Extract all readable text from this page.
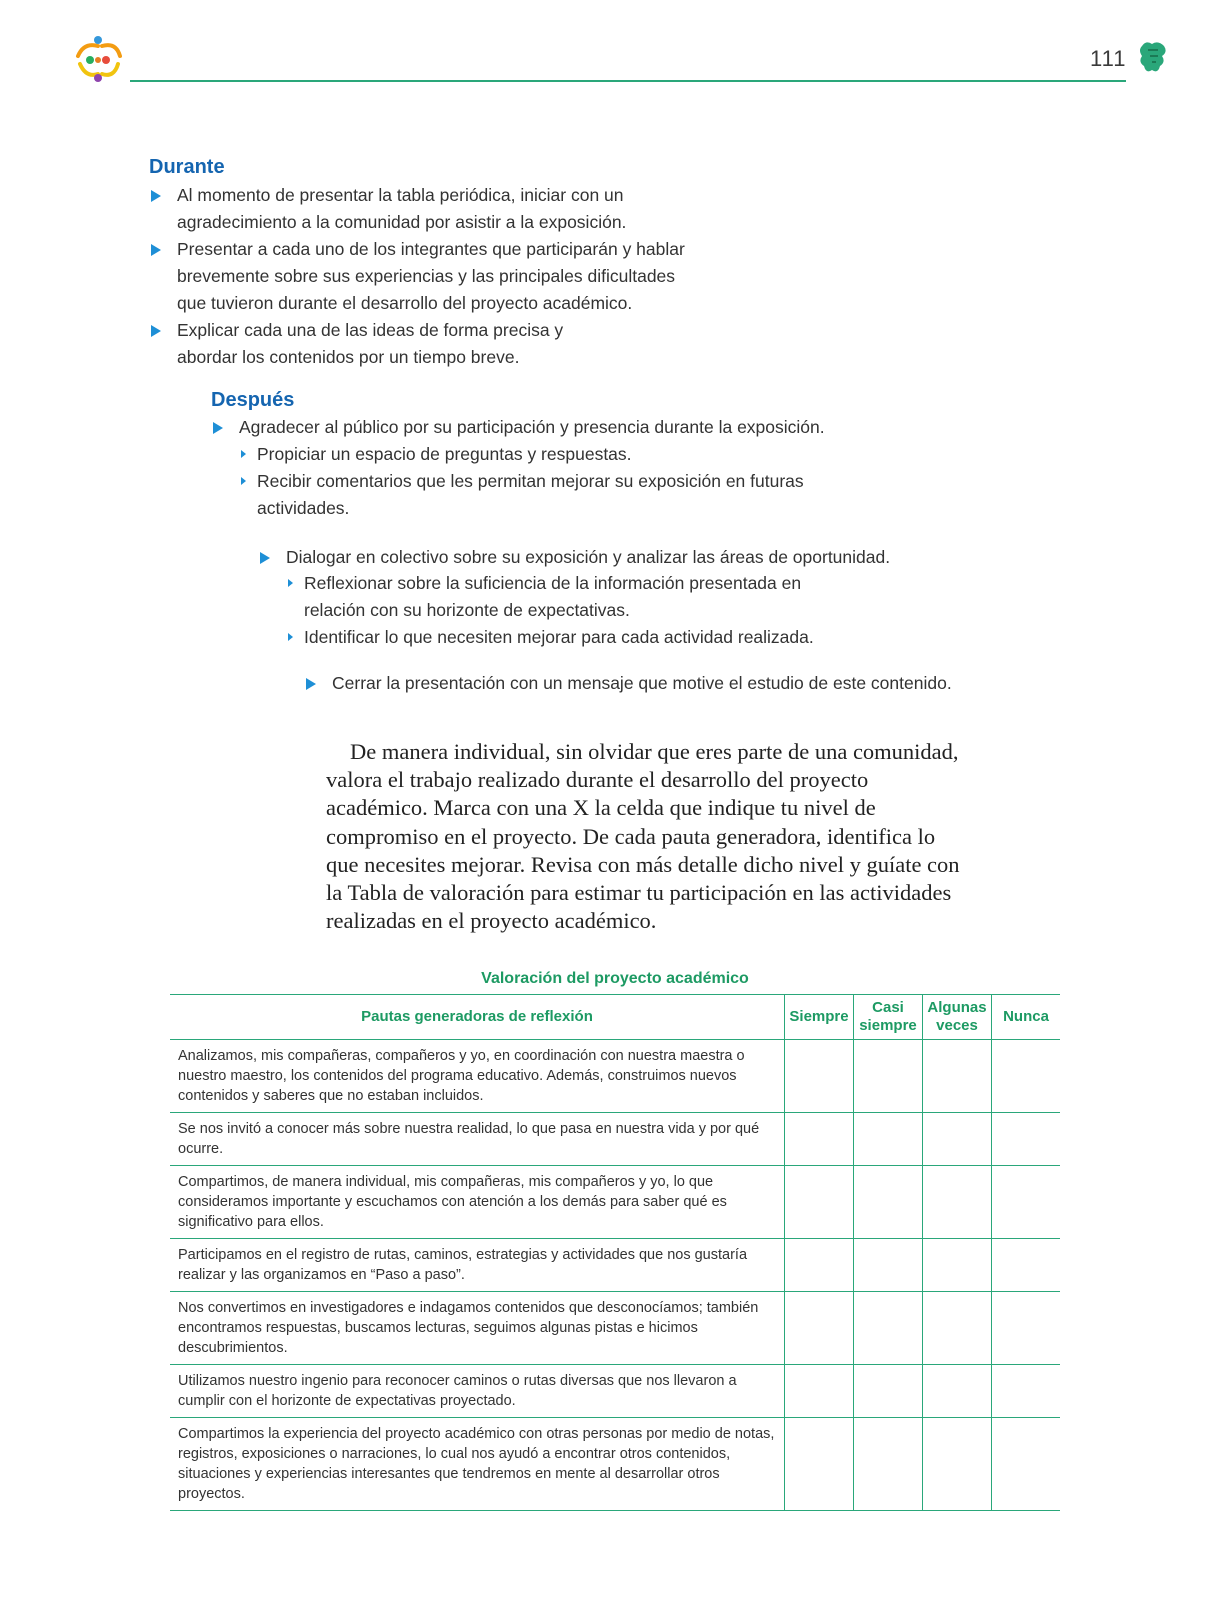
111
Durante
Al momento de presentar la tabla periódica, iniciar con un agradecimiento a la comunidad por asistir a la exposición.
Presentar a cada uno de los integrantes que participarán y hablar brevemente sobre sus experiencias y las principales dificultades que tuvieron durante el desarrollo del proyecto académico.
Explicar cada una de las ideas de forma precisa y abordar los contenidos por un tiempo breve.
Después
Agradecer al público por su participación y presencia durante la exposición.
Propiciar un espacio de preguntas y respuestas.
Recibir comentarios que les permitan mejorar su exposición en futuras actividades.
Dialogar en colectivo sobre su exposición y analizar las áreas de oportunidad.
Reflexionar sobre la suficiencia de la información presentada en relación con su horizonte de expectativas.
Identificar lo que necesiten mejorar para cada actividad realizada.
Cerrar la presentación con un mensaje que motive el estudio de este contenido.

De manera individual, sin olvidar que eres parte de una comunidad, valora el trabajo realizado durante el desarrollo del proyecto académico. Marca con una X la celda que indique tu nivel de compromiso en el proyecto. De cada pauta generadora, identifica lo que necesites mejorar. Revisa con más detalle dicho nivel y guíate con la Tabla de valoración para estimar tu participación en las actividades realizadas en el proyecto académico.

Valoración del proyecto académico
Pautas generadoras de reflexión	Siempre	Casi siempre	Algunas veces	Nunca
Analizamos, mis compañeras, compañeros y yo, en coordinación con nuestra maestra o nuestro maestro, los contenidos del programa educativo. Además, construimos nuevos contenidos y saberes que no estaban incluidos.				
Se nos invitó a conocer más sobre nuestra realidad, lo que pasa en nuestra vida y por qué ocurre.				
Compartimos, de manera individual, mis compañeras, mis compañeros y yo, lo que consideramos importante y escuchamos con atención a los demás para saber qué es significativo para ellos.				
Participamos en el registro de rutas, caminos, estrategias y actividades que nos gustaría realizar y las organizamos en “Paso a paso”.				
Nos convertimos en investigadores e indagamos contenidos que desconocíamos; también encontramos respuestas, buscamos lecturas, seguimos algunas pistas e hicimos descubrimientos.				
Utilizamos nuestro ingenio para reconocer caminos o rutas diversas que nos llevaron a cumplir con el horizonte de expectativas proyectado.				
Compartimos la experiencia del proyecto académico con otras personas por medio de notas, registros, exposiciones o narraciones, lo cual nos ayudó a encontrar otros contenidos, situaciones y experiencias interesantes que tendremos en mente al desarrollar otros proyectos.				
